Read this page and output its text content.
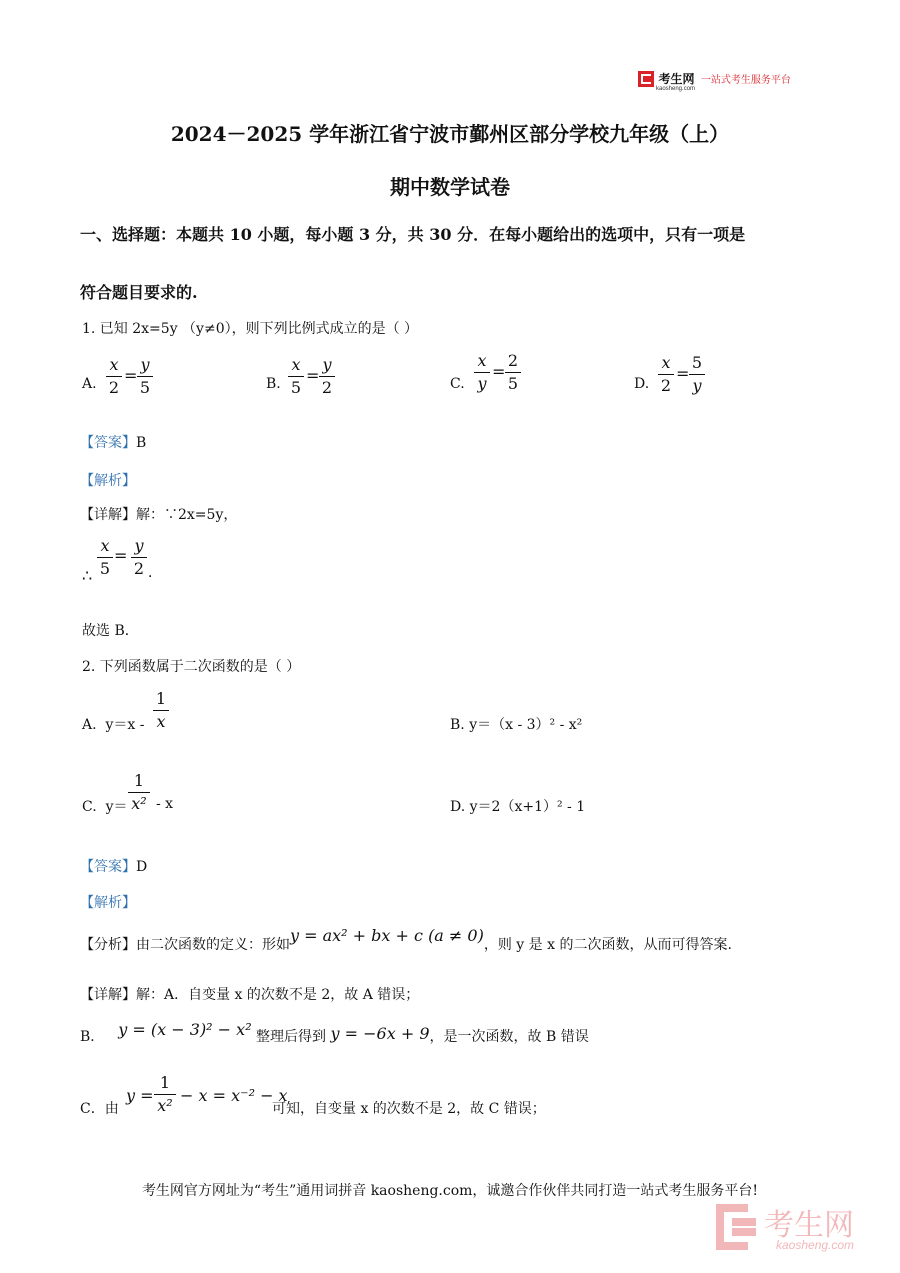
考生网 一站式考生服务平台
kaosheng.com
2024－2025 学年浙江省宁波市鄞州区部分学校九年级（上）
期中数学试卷
一、选择题：本题共 10 小题，每小题 3 分，共 30 分．在每小题给出的选项中，只有一项是
符合题目要求的.
1. 已知 2x=5y （y≠0），则下列比例式成立的是（ ）
A.
x
2
=
y
5	B.
x
5
=
y
2	C.
x
y
=
2
5	D.
x
2
=
5
y
【答案】B
【解析】
【详解】解：∵2x=5y，
∴
x
5
=
y
2 ．
故选 B．
2. 下列函数属于二次函数的是（ ）
A. y＝x -
1
x	B. y＝（x - 3）² - x²
C. y＝
1
x² - x	D. y＝2（x+1）² - 1
【答案】D
【解析】
【分析】由二次函数的定义：形如y = ax² + bx + c (a ≠ 0)，则 y 是 x 的二次函数，从而可得答案.
【详解】解：A．自变量 x 的次数不是 2，故 A 错误；
B． y = (x − 3)² − x² 整理后得到 y = −6x + 9，是一次函数，故 B 错误
C．由
y =
1
x²
− x = x⁻² − x
可知，自变量 x 的次数不是 2，故 C 错误；
考生网官方网址为“考生”通用词拼音 kaosheng.com，诚邀合作伙伴共同打造一站式考生服务平台!
考生网
kaosheng.com
